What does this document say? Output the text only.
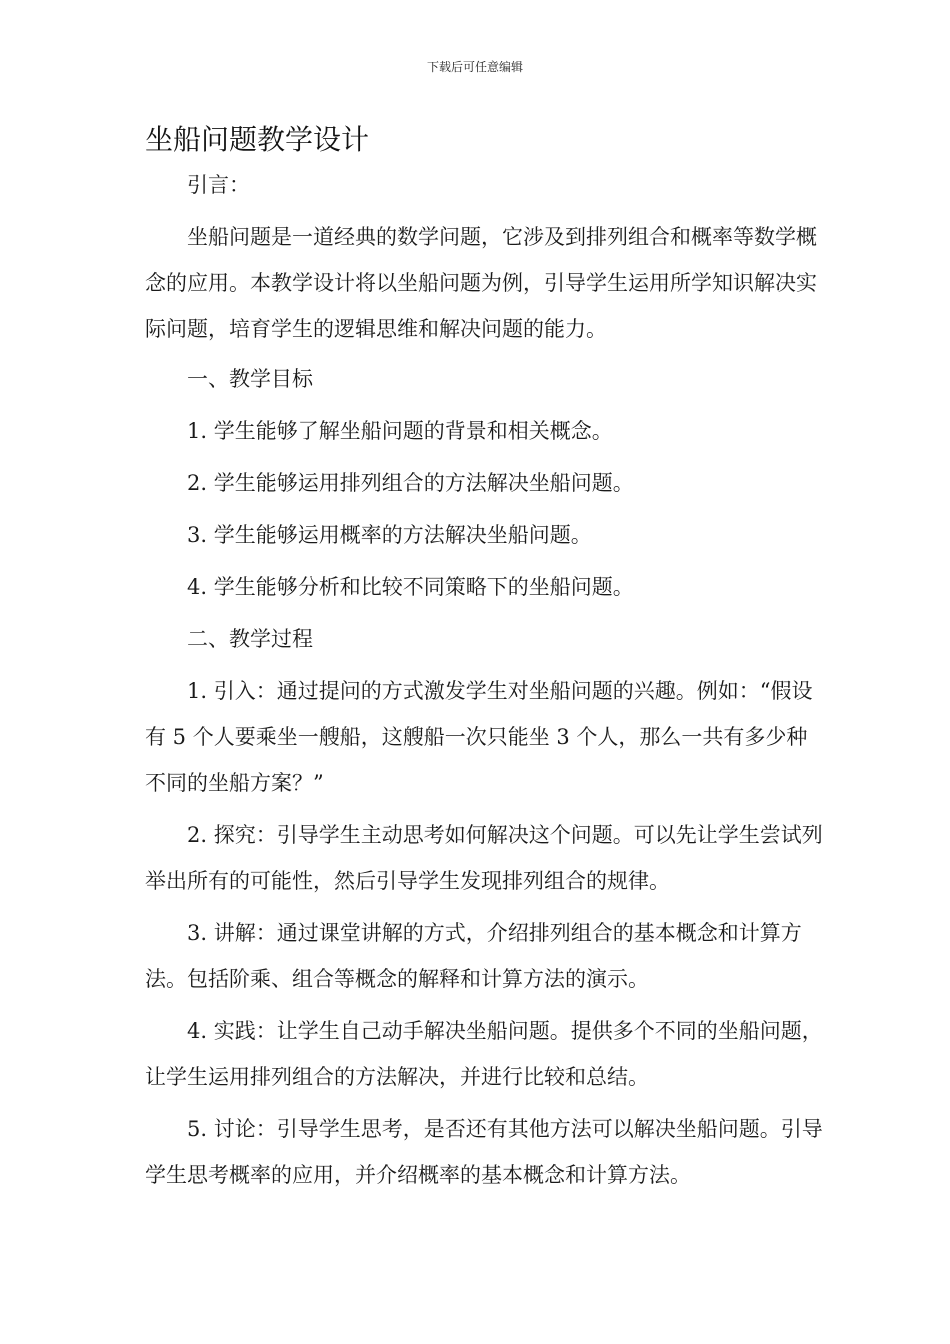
下载后可任意编辑
坐船问题教学设计

引言：

坐船问题是一道经典的数学问题，它涉及到排列组合和概率等数学概念的应用。本教学设计将以坐船问题为例，引导学生运用所学知识解决实际问题，培育学生的逻辑思维和解决问题的能力。

一、教学目标

1. 学生能够了解坐船问题的背景和相关概念。

2. 学生能够运用排列组合的方法解决坐船问题。

3. 学生能够运用概率的方法解决坐船问题。

4. 学生能够分析和比较不同策略下的坐船问题。

二、教学过程

1. 引入：通过提问的方式激发学生对坐船问题的兴趣。例如：“假设有 5 个人要乘坐一艘船，这艘船一次只能坐 3 个人，那么一共有多少种不同的坐船方案？”

2. 探究：引导学生主动思考如何解决这个问题。可以先让学生尝试列举出所有的可能性，然后引导学生发现排列组合的规律。

3. 讲解：通过课堂讲解的方式，介绍排列组合的基本概念和计算方法。包括阶乘、组合等概念的解释和计算方法的演示。

4. 实践：让学生自己动手解决坐船问题。提供多个不同的坐船问题，让学生运用排列组合的方法解决，并进行比较和总结。

5. 讨论：引导学生思考，是否还有其他方法可以解决坐船问题。引导学生思考概率的应用，并介绍概率的基本概念和计算方法。
